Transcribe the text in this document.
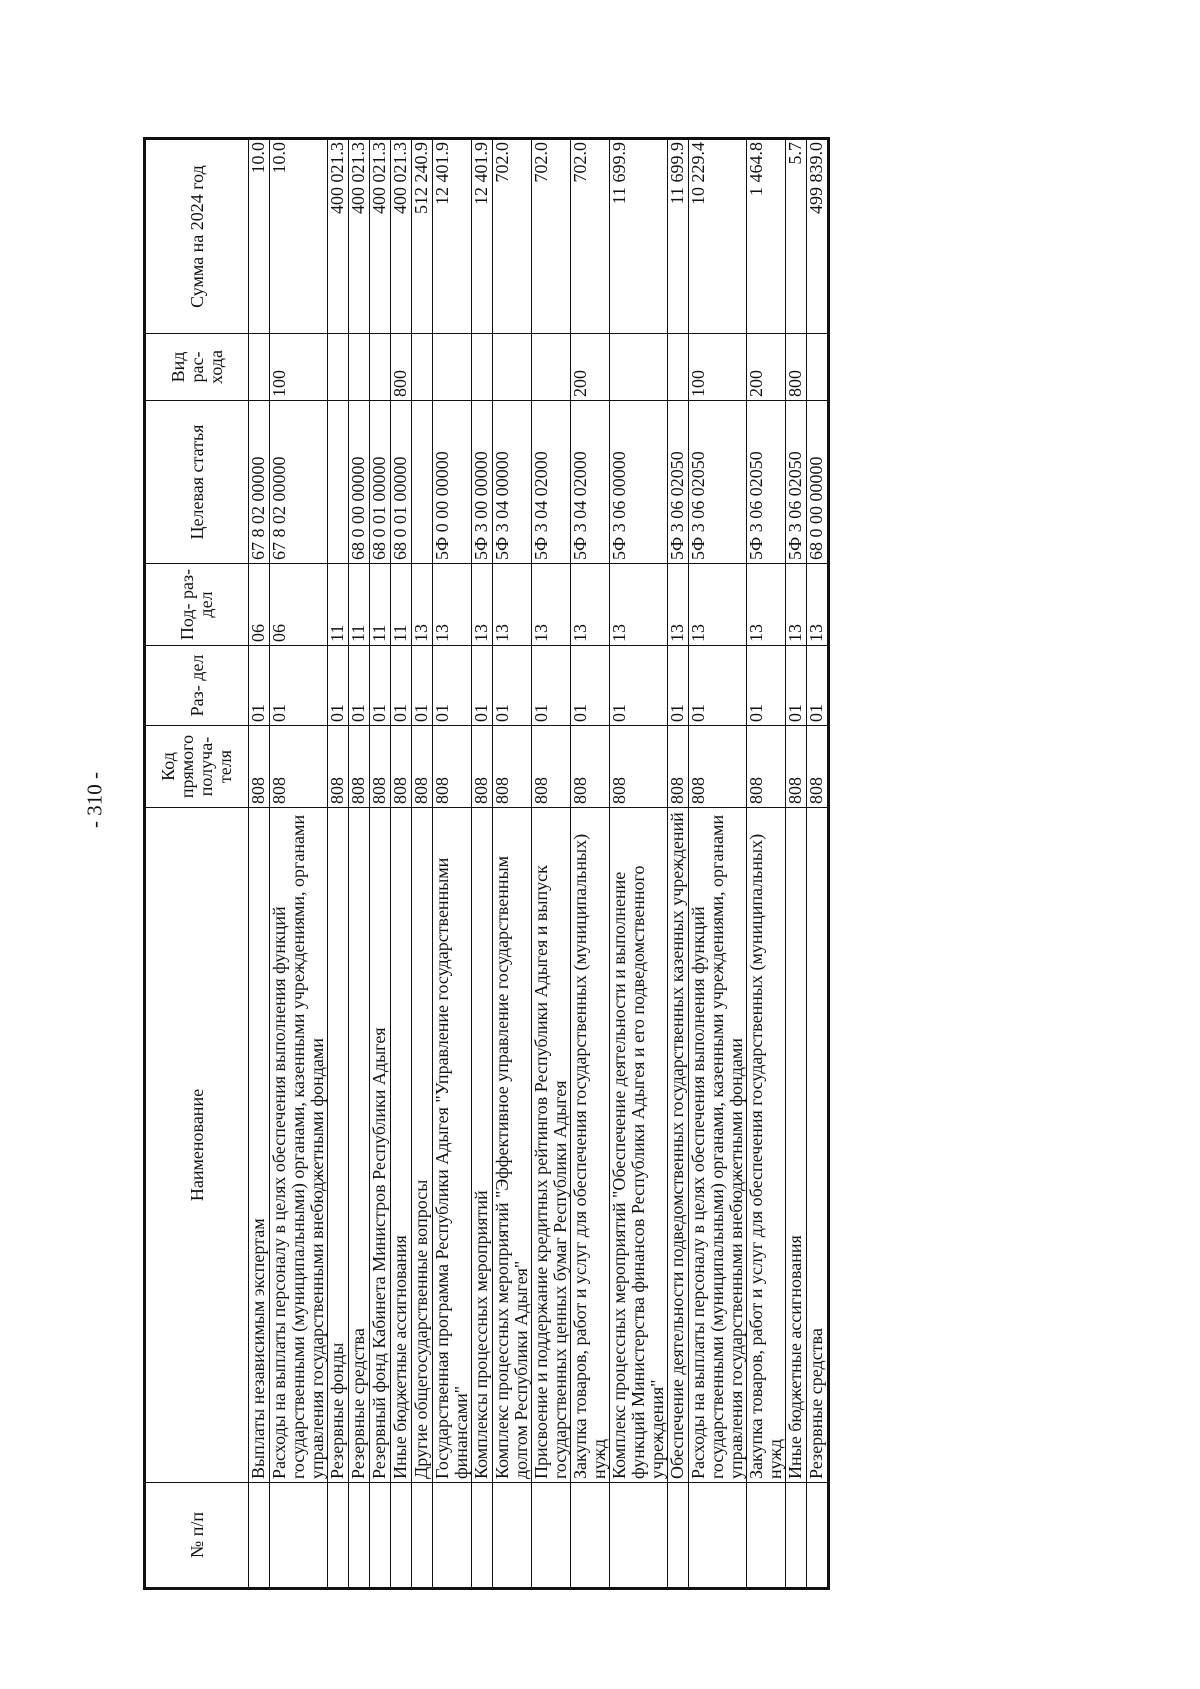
- 310 -
№ п/п	Наименование	Код прямого получа- теля	Раз- дел	Под- раз- дел	Целевая статья	Вид рас- хода	Сумма на 2024 год
	Выплаты независимым экспертам	808	01	06	67 8 02 00000		10.0
	Расходы на выплаты персоналу в целях обеспечения выполнения функций государственными (муниципальными) органами, казенными учреждениями, органами управления государственными внебюджетными фондами	808	01	06	67 8 02 00000	100	10.0
	Резервные фонды	808	01	11			400 021.3
	Резервные средства	808	01	11	68 0 00 00000		400 021.3
	Резервный фонд Кабинета Министров Республики Адыгея	808	01	11	68 0 01 00000		400 021.3
	Иные бюджетные ассигнования	808	01	11	68 0 01 00000	800	400 021.3
	Другие общегосударственные вопросы	808	01	13			512 240.9
	Государственная программа Республики Адыгея "Управление государственными финансами"	808	01	13	5Ф 0 00 00000		12 401.9
	Комплексы процессных мероприятий	808	01	13	5Ф 3 00 00000		12 401.9
	Комплекс процессных мероприятий "Эффективное управление государственным долгом Республики Адыгея"	808	01	13	5Ф 3 04 00000		702.0
	Присвоение и поддержание кредитных рейтингов Республики Адыгея и выпуск государственных ценных бумаг Республики Адыгея	808	01	13	5Ф 3 04 02000		702.0
	Закупка товаров, работ и услуг для обеспечения государственных (муниципальных) нужд	808	01	13	5Ф 3 04 02000	200	702.0
	Комплекс процессных мероприятий "Обеспечение деятельности и выполнение функций Министерства финансов Республики Адыгея и его подведомственного учреждения"	808	01	13	5Ф 3 06 00000		11 699.9
	Обеспечение деятельности подведомственных государственных казенных учреждений	808	01	13	5Ф 3 06 02050		11 699.9
	Расходы на выплаты персоналу в целях обеспечения выполнения функций государственными (муниципальными) органами, казенными учреждениями, органами управления государственными внебюджетными фондами	808	01	13	5Ф 3 06 02050	100	10 229.4
	Закупка товаров, работ и услуг для обеспечения государственных (муниципальных) нужд	808	01	13	5Ф 3 06 02050	200	1 464.8
	Иные бюджетные ассигнования	808	01	13	5Ф 3 06 02050	800	5.7
	Резервные средства	808	01	13	68 0 00 00000		499 839.0
